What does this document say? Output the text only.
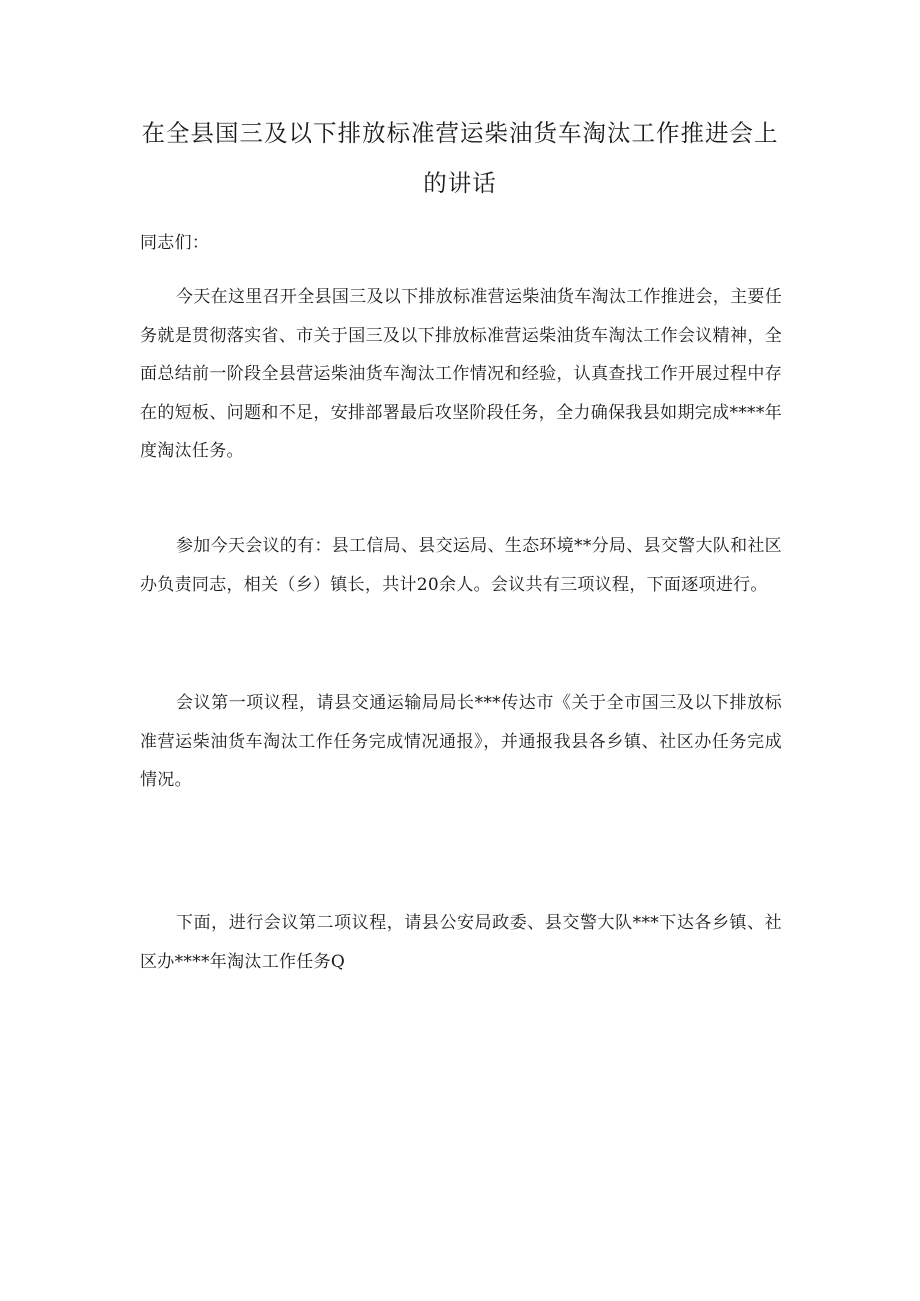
在全县国三及以下排放标准营运柴油货车淘汰工作推进会上的讲话

同志们：

今天在这里召开全县国三及以下排放标准营运柴油货车淘汰工作推进会，主要任务就是贯彻落实省、市关于国三及以下排放标准营运柴油货车淘汰工作会议精神，全面总结前一阶段全县营运柴油货车淘汰工作情况和经验，认真查找工作开展过程中存在的短板、问题和不足，安排部署最后攻坚阶段任务，全力确保我县如期完成****年度淘汰任务。

参加今天会议的有：县工信局、县交运局、生态环境**分局、县交警大队和社区办负责同志，相关（乡）镇长，共计20余人。会议共有三项议程，下面逐项进行。

会议第一项议程，请县交通运输局局长***传达市《关于全市国三及以下排放标准营运柴油货车淘汰工作任务完成情况通报》，并通报我县各乡镇、社区办任务完成情况。

下面，进行会议第二项议程，请县公安局政委、县交警大队***下达各乡镇、社区办****年淘汰工作任务Q
